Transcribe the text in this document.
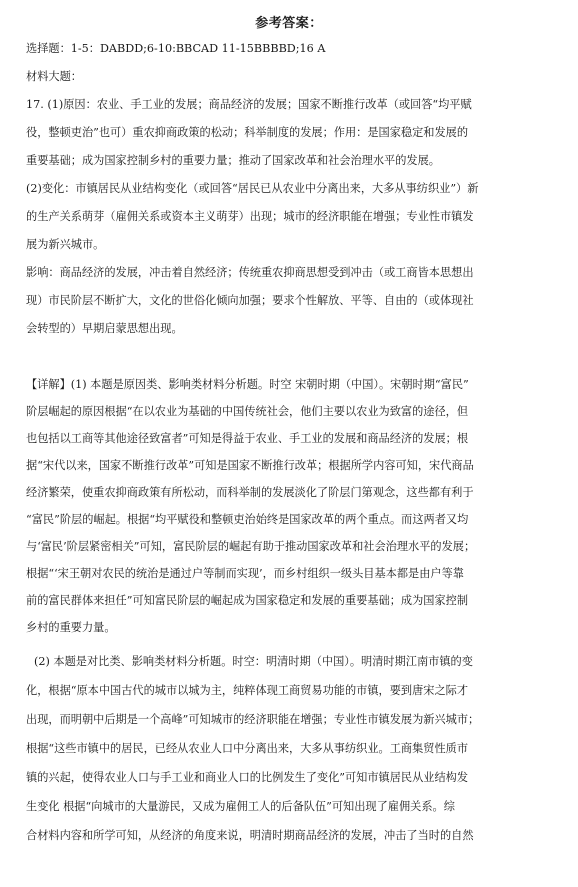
参考答案：
选择题：1-5：DABDD;6-10:BBCAD 11-15BBBBD;16 A
材料大题：
17. (1)原因：农业、手工业的发展；商品经济的发展；国家不断推行改革（或回答“均平赋
役，整顿吏治”也可）重农抑商政策的松动；科举制度的发展；作用：是国家稳定和发展的
重要基础；成为国家控制乡村的重要力量；推动了国家改革和社会治理水平的发展。
(2)变化：市镇居民从业结构变化（或回答“居民已从农业中分离出来，大多从事纺织业”）新
的生产关系萌芽（雇佣关系或资本主义萌芽）出现；城市的经济职能在增强；专业性市镇发
展为新兴城市。
影响：商品经济的发展，冲击着自然经济；传统重农抑商思想受到冲击（或工商皆本思想出
现）市民阶层不断扩大，文化的世俗化倾向加强；要求个性解放、平等、自由的（或体现社
会转型的）早期启蒙思想出现。
【详解】(1) 本题是原因类、影响类材料分析题。时空 宋朝时期（中国）。宋朝时期“富民”
阶层崛起的原因根据“在以农业为基础的中国传统社会，他们主要以农业为致富的途径，但
也包括以工商等其他途径致富者”可知是得益于农业、手工业的发展和商品经济的发展；根
据“宋代以来，国家不断推行改革”可知是国家不断推行改革；根据所学内容可知，宋代商品
经济繁荣，使重农抑商政策有所松动，而科举制的发展淡化了阶层门第观念，这些都有利于
“富民”阶层的崛起。根据“均平赋役和整顿吏治始终是国家改革的两个重点。而这两者又均
与‘富民’阶层紧密相关”可知，富民阶层的崛起有助于推动国家改革和社会治理水平的发展；
根据“‘宋王朝对农民的统治是通过户等制而实现’，而乡村组织一级头目基本都是由户等靠
前的富民群体来担任”可知富民阶层的崛起成为国家稳定和发展的重要基础；成为国家控制
乡村的重要力量。
(2) 本题是对比类、影响类材料分析题。时空：明清时期（中国）。明清时期江南市镇的变
化，根据“原本中国古代的城市以城为主，纯粹体现工商贸易功能的市镇，要到唐宋之际才
出现，而明朝中后期是一个高峰”可知城市的经济职能在增强；专业性市镇发展为新兴城市；
根据“这些市镇中的居民，已经从农业人口中分离出来，大多从事纺织业。工商集贸性质市
镇的兴起，使得农业人口与手工业和商业人口的比例发生了变化”可知市镇居民从业结构发
生变化 根据“向城市的大量游民，又成为雇佣工人的后备队伍”可知出现了雇佣关系。综
合材料内容和所学可知，从经济的角度来说，明清时期商品经济的发展，冲击了当时的自然
